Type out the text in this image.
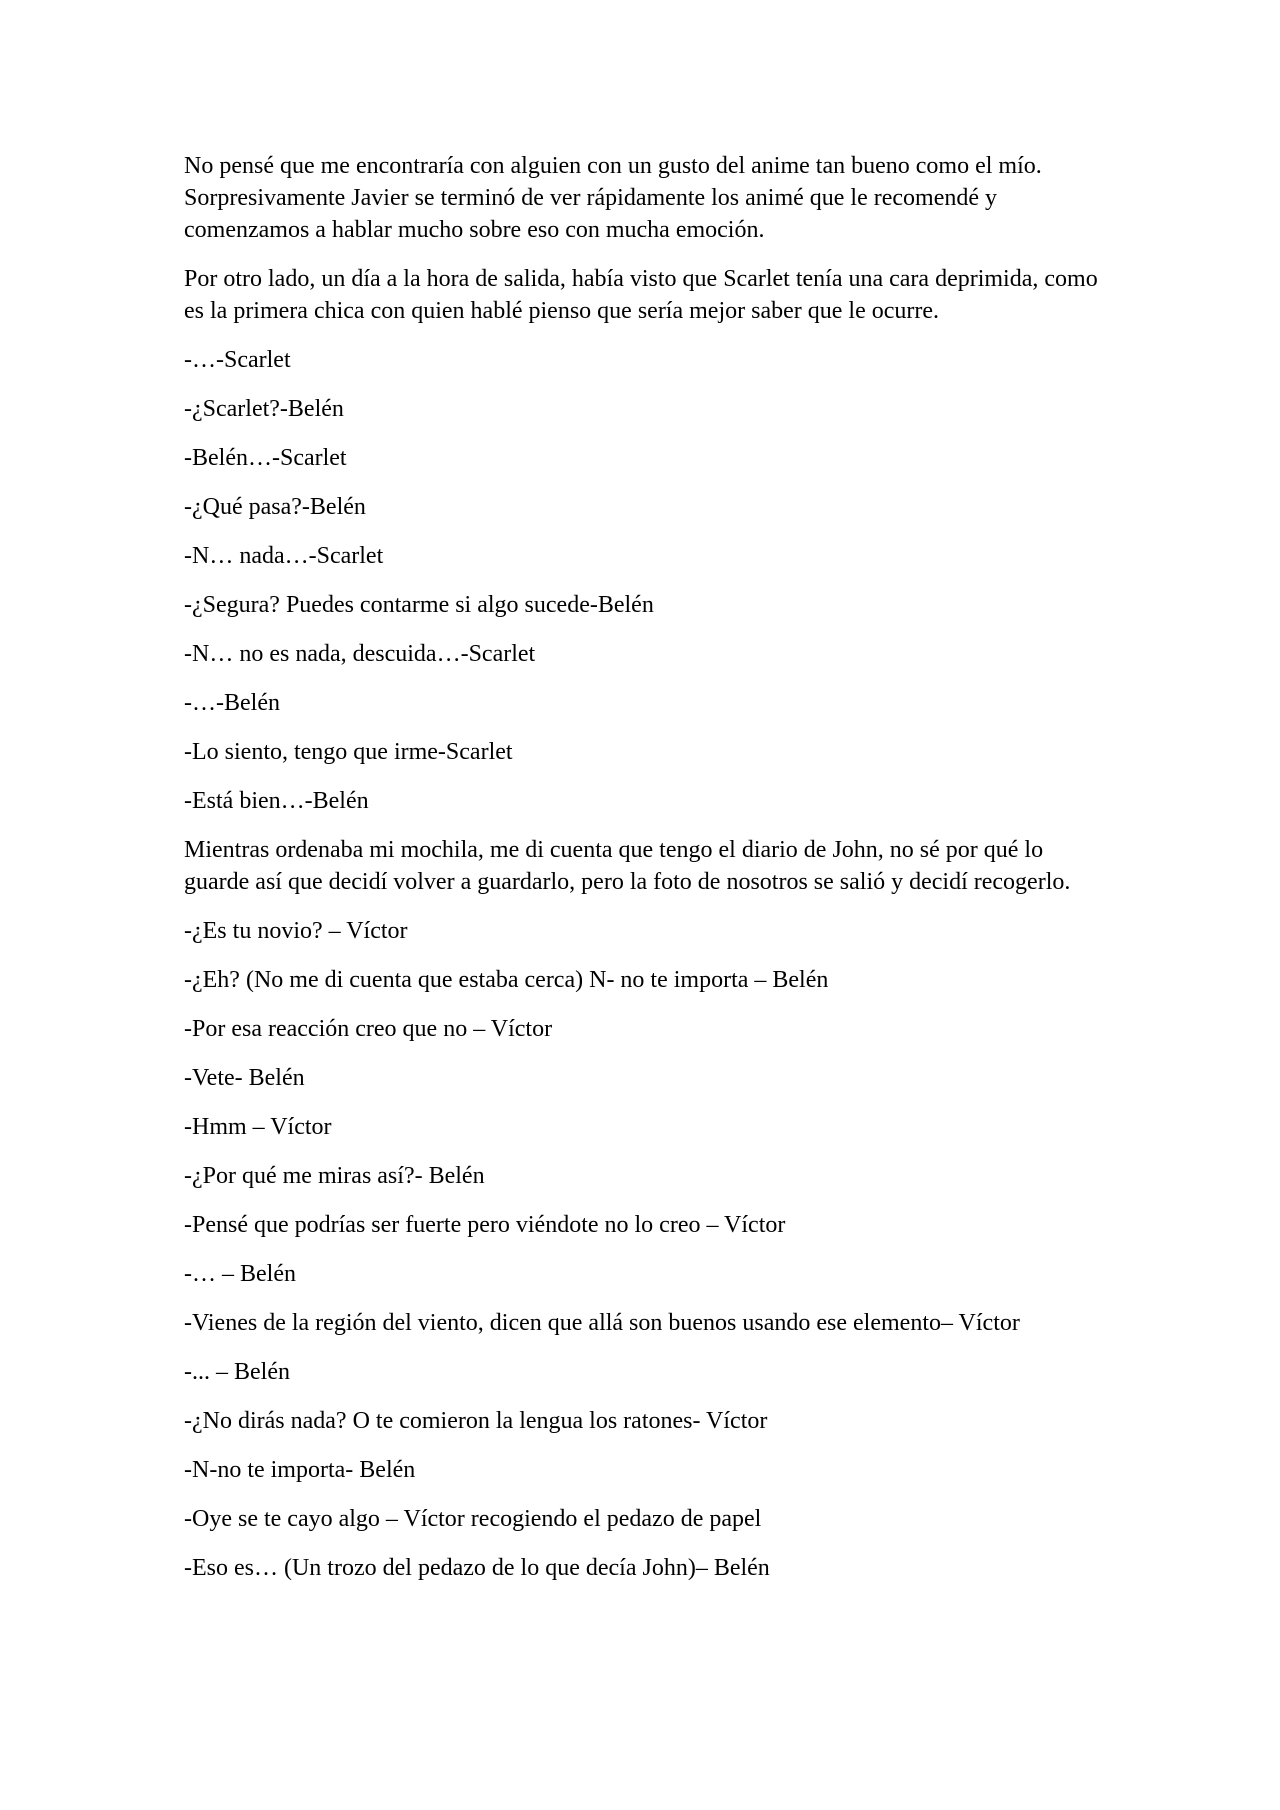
No pensé que me encontraría con alguien con un gusto del anime tan bueno como el mío. Sorpresivamente Javier se terminó de ver rápidamente los animé que le recomendé y comenzamos a hablar mucho sobre eso con mucha emoción.

Por otro lado, un día a la hora de salida, había visto que Scarlet tenía una cara deprimida, como es la primera chica con quien hablé pienso que sería mejor saber que le ocurre.

-…-Scarlet

-¿Scarlet?-Belén

-Belén…-Scarlet

-¿Qué pasa?-Belén

-N… nada…-Scarlet

-¿Segura? Puedes contarme si algo sucede-Belén

-N… no es nada, descuida…-Scarlet

-…-Belén

-Lo siento, tengo que irme-Scarlet

-Está bien…-Belén

Mientras ordenaba mi mochila, me di cuenta que tengo el diario de John, no sé por qué lo guarde así que decidí volver a guardarlo, pero la foto de nosotros se salió y decidí recogerlo.

-¿Es tu novio? – Víctor

-¿Eh? (No me di cuenta que estaba cerca) N- no te importa – Belén

-Por esa reacción creo que no – Víctor

-Vete- Belén

-Hmm – Víctor

-¿Por qué me miras así?- Belén

-Pensé que podrías ser fuerte pero viéndote no lo creo – Víctor

-… – Belén

-Vienes de la región del viento, dicen que allá son buenos usando ese elemento– Víctor

-... – Belén

-¿No dirás nada? O te comieron la lengua los ratones- Víctor

-N-no te importa- Belén

-Oye se te cayo algo – Víctor recogiendo el pedazo de papel

-Eso es… (Un trozo del pedazo de lo que decía John)– Belén
